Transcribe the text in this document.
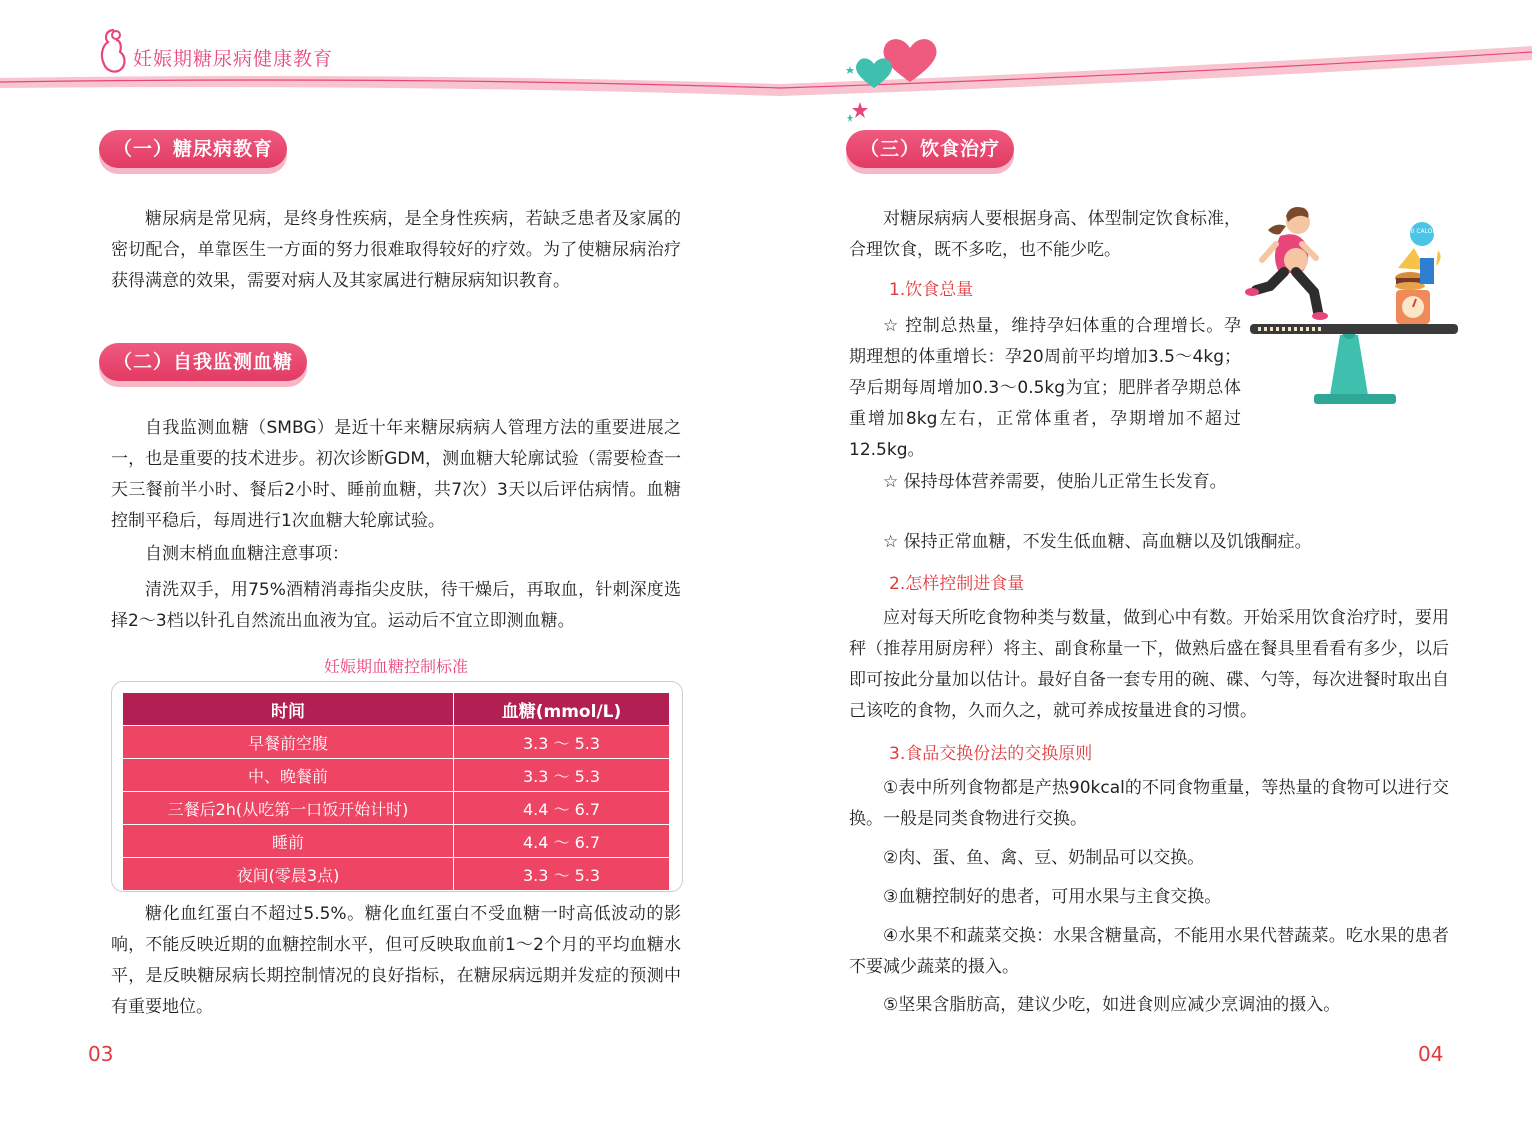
妊娠期糖尿病健康教育
（一）糖尿病教育

糖尿病是常见病，是终身性疾病，是全身性疾病，若缺乏患者及家属的密切配合，单靠医生一方面的努力很难取得较好的疗效。为了使糖尿病治疗获得满意的效果，需要对病人及其家属进行糖尿病知识教育。

（二）自我监测血糖

自我监测血糖（SMBG）是近十年来糖尿病病人管理方法的重要进展之一，也是重要的技术进步。初次诊断GDM，测血糖大轮廓试验（需要检查一天三餐前半小时、餐后2小时、睡前血糖，共7次）3天以后评估病情。血糖控制平稳后，每周进行1次血糖大轮廓试验。

自测末梢血血糖注意事项：

清洗双手，用75%酒精消毒指尖皮肤，待干燥后，再取血，针刺深度选择2～3档以针孔自然流出血液为宜。运动后不宜立即测血糖。

妊娠期血糖控制标准
时间	血糖(mmol/L)
早餐前空腹	3.3 ～ 5.3
中、晚餐前	3.3 ～ 5.3
三餐后2h(从吃第一口饭开始计时)	4.4 ～ 6.7
睡前	4.4 ～ 6.7
夜间(零晨3点)	3.3 ～ 5.3

糖化血红蛋白不超过5.5%。糖化血红蛋白不受血糖一时高低波动的影响，不能反映近期的血糖控制水平，但可反映取血前1～2个月的平均血糖水平，是反映糖尿病长期控制情况的良好指标，在糖尿病远期并发症的预测中有重要地位。

03
（三）饮食治疗

对糖尿病病人要根据身高、体型制定饮食标准，合理饮食，既不多吃，也不能少吃。

1.饮食总量

☆ 控制总热量，维持孕妇体重的合理增长。孕期理想的体重增长：孕20周前平均增加3.5～4kg；孕后期每周增加0.3～0.5kg为宜；肥胖者孕期总体重增加8kg左右，正常体重者，孕期增加不超过12.5kg。

☆ 保持母体营养需要，使胎儿正常生长发育。

☆ 保持正常血糖，不发生低血糖、高血糖以及饥饿酮症。

2.怎样控制进食量

应对每天所吃食物种类与数量，做到心中有数。开始采用饮食治疗时，要用秤（推荐用厨房秤）将主、副食称量一下，做熟后盛在餐具里看看有多少，以后即可按此分量加以估计。最好自备一套专用的碗、碟、勺等，每次进餐时取出自己该吃的食物，久而久之，就可养成按量进食的习惯。

3.食品交换份法的交换原则

①表中所列食物都是产热90kcal的不同食物重量，等热量的食物可以进行交换。一般是同类食物进行交换。

②肉、蛋、鱼、禽、豆、奶制品可以交换。

③血糖控制好的患者，可用水果与主食交换。

④水果不和蔬菜交换：水果含糖量高，不能用水果代替蔬菜。吃水果的患者不要减少蔬菜的摄入。

⑤坚果含脂肪高，建议少吃，如进食则应减少烹调油的摄入。

04
+470 CALORIES
